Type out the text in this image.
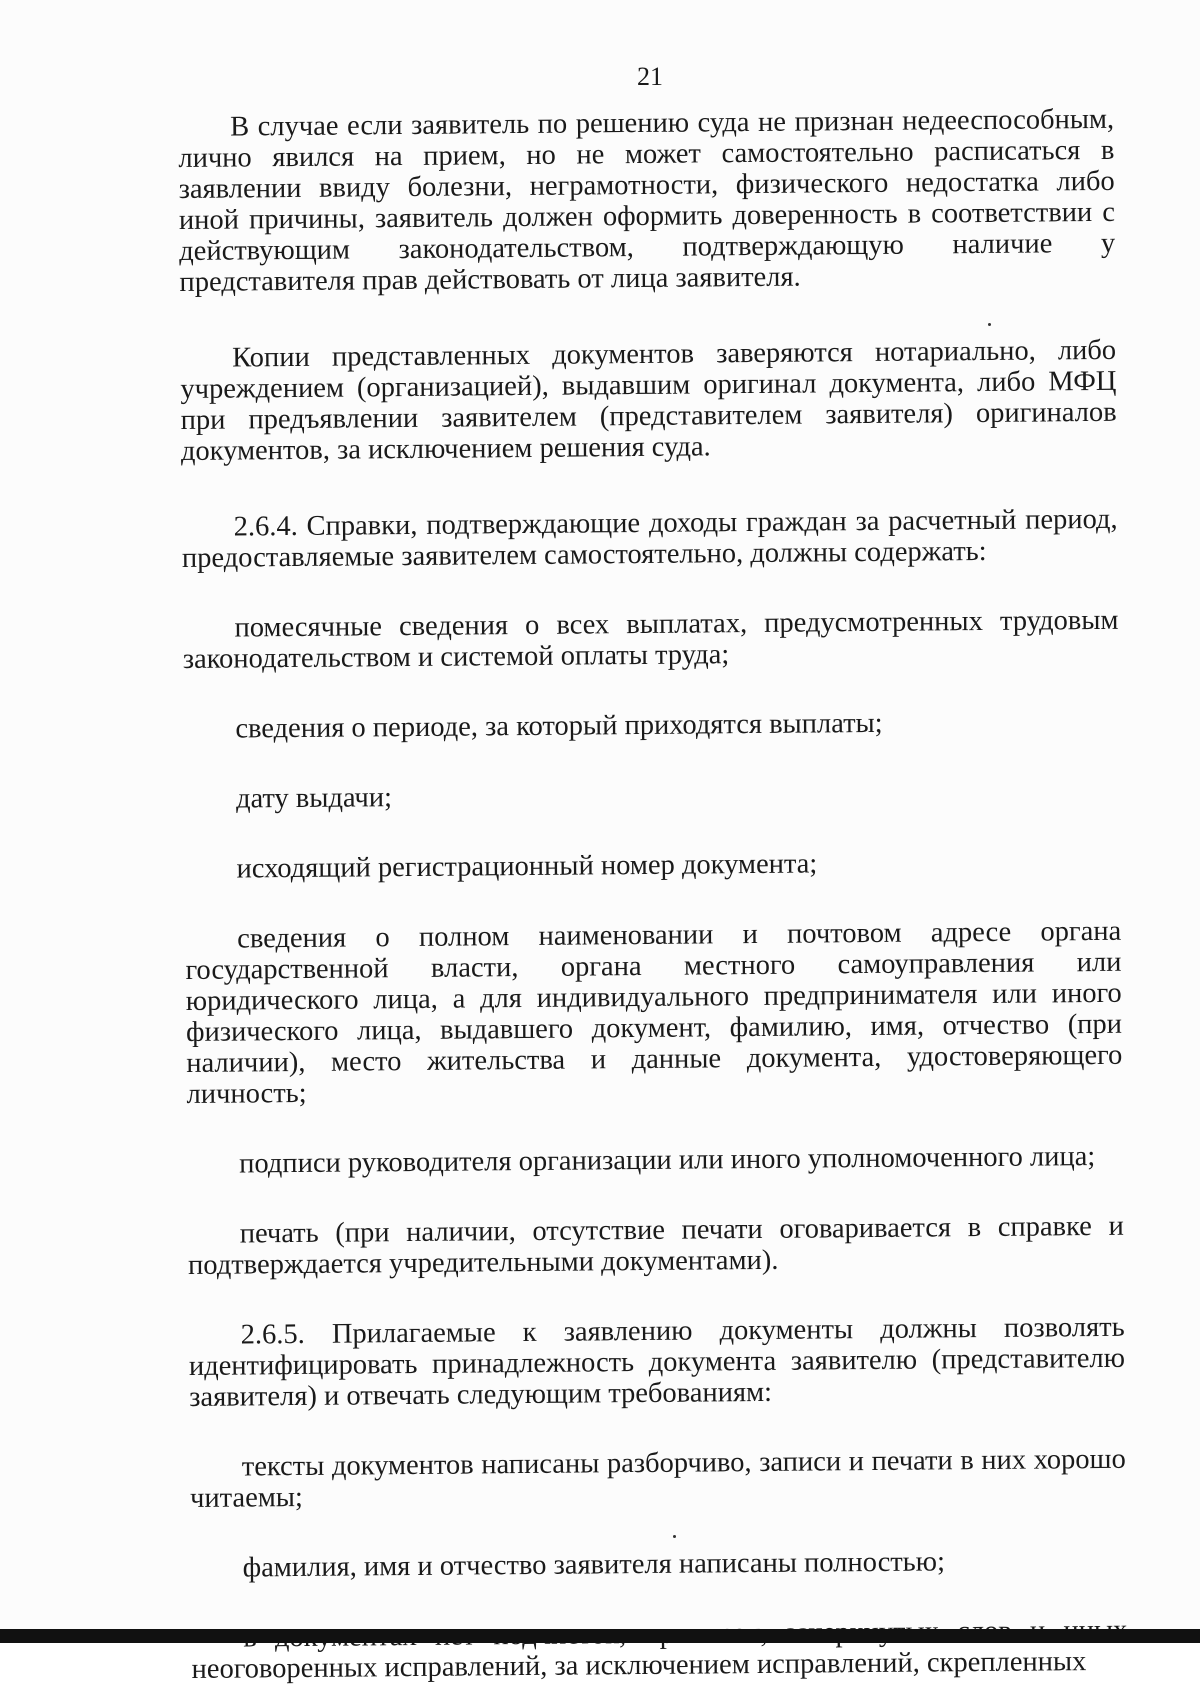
21

В случае если заявитель по решению суда не признан недееспособным, лично явился на прием, но не может самостоятельно расписаться в заявлении ввиду болезни, неграмотности, физического недостатка либо иной причины, заявитель должен оформить доверенность в соответствии с действующим законодательством, подтверждающую наличие у представителя прав действовать от лица заявителя.

Копии представленных документов заверяются нотариально, либо учреждением (организацией), выдавшим оригинал документа, либо МФЦ при предъявлении заявителем (представителем заявителя) оригиналов документов, за исключением решения суда.

2.6.4. Справки, подтверждающие доходы граждан за расчетный период, предоставляемые заявителем самостоятельно, должны содержать:

помесячные сведения о всех выплатах, предусмотренных трудовым законодательством и системой оплаты труда;

сведения о периоде, за который приходятся выплаты;

дату выдачи;

исходящий регистрационный номер документа;

сведения о полном наименовании и почтовом адресе органа государственной власти, органа местного самоуправления или юридического лица, а для индивидуального предпринимателя или иного физического лица, выдавшего документ, фамилию, имя, отчество (при наличии), место жительства и данные документа, удостоверяющего личность;

подписи руководителя организации или иного уполномоченного лица;

печать (при наличии, отсутствие печати оговаривается в справке и подтверждается учредительными документами).

2.6.5. Прилагаемые к заявлению документы должны позволять идентифицировать принадлежность документа заявителю (представителю заявителя) и отвечать следующим требованиям:

тексты документов написаны разборчиво, записи и печати в них хорошо читаемы;

фамилия, имя и отчество заявителя написаны полностью;

неоговоренных исправлений, за исключением исправлений, скрепленных
